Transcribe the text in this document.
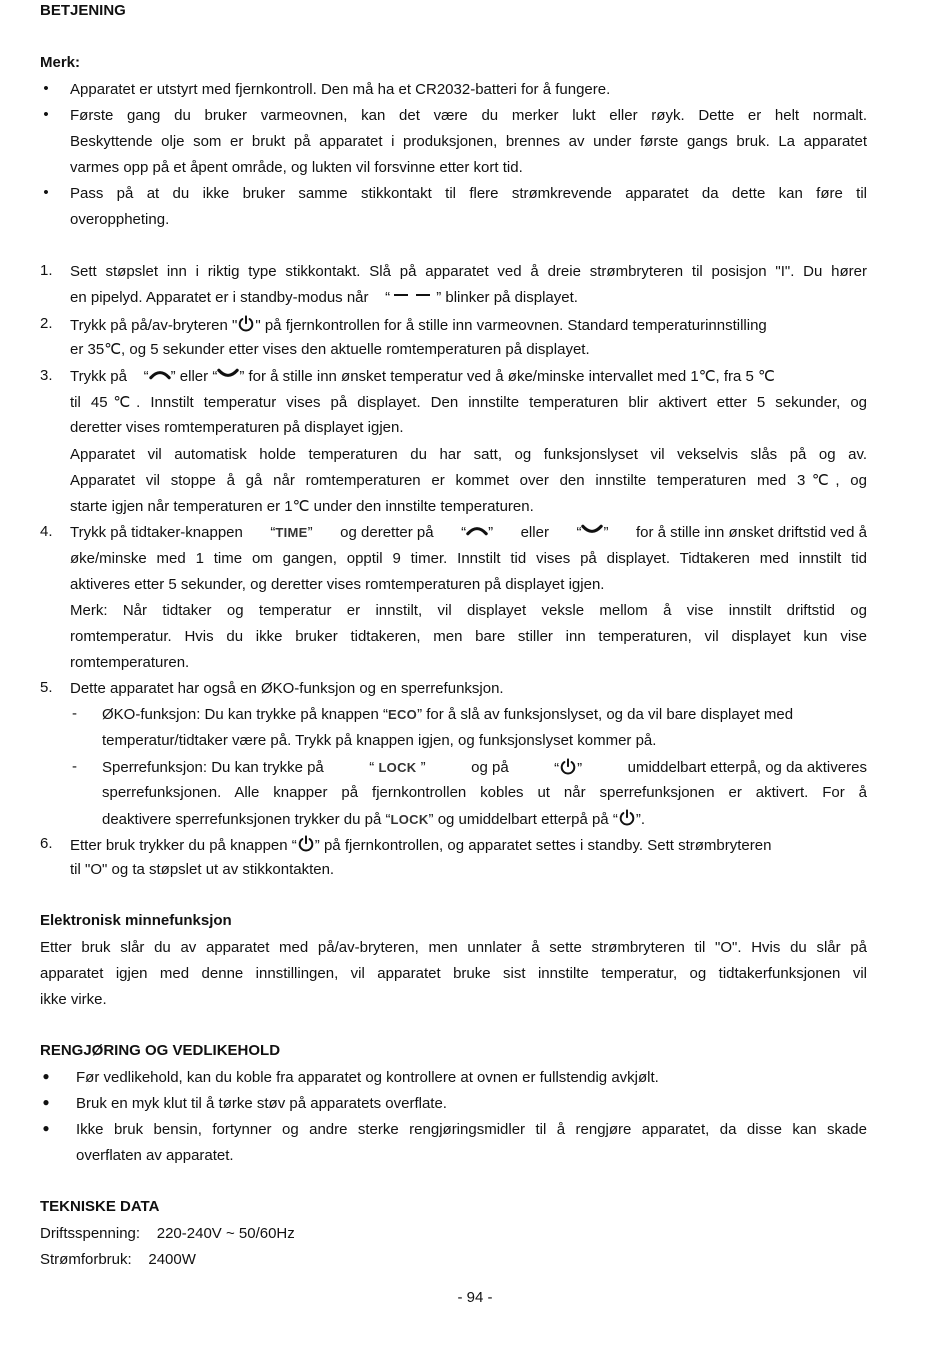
BETJENING
Merk:
• Apparatet er utstyrt med fjernkontroll. Den må ha et CR2032-batteri for å fungere.
• Første gang du bruker varmeovnen, kan det være du merker lukt eller røyk. Dette er helt normalt.
Beskyttende olje som er brukt på apparatet i produksjonen, brennes av under første gangs bruk. La apparatet
varmes opp på et åpent område, og lukten vil forsvinne etter kort tid.
• Pass på at du ikke bruker samme stikkontakt til flere strømkrevende apparatet da dette kan føre til
overoppheting.
1. Sett støpslet inn i riktig type stikkontakt. Slå på apparatet ved å dreie strømbryteren til posisjon "I". Du hører
en pipelyd. Apparatet er i standby-modus når    “	” blinker på displayet.
2. Trykk på på/av-bryteren " " på fjernkontrollen for å stille inn varmeovnen. Standard temperaturinnstilling
er 35℃, og 5 sekunder etter vises den aktuelle romtemperaturen på displayet.
3. Trykk på    “ ” eller “ ” for å stille inn ønsket temperatur ved å øke/minske intervallet med 1℃, fra 5 ℃
til 45℃. Innstilt temperatur vises på displayet. Den innstilte temperaturen blir aktivert etter 5 sekunder, og
deretter vises romtemperaturen på displayet igjen.
Apparatet vil automatisk holde temperaturen du har satt, og funksjonslyset vil vekselvis slås på og av.
Apparatet vil stoppe å gå når romtemperaturen er kommet over den innstilte temperaturen med 3℃, og
starte igjen når temperaturen er 1℃ under den innstilte temperaturen.
4. Trykk på tidtaker-knappen “TIME” og deretter på “ ” eller “ ” for å stille inn ønsket driftstid ved å
øke/minske med 1 time om gangen, opptil 9 timer. Innstilt tid vises på displayet. Tidtakeren med innstilt tid
aktiveres etter 5 sekunder, og deretter vises romtemperaturen på displayet igjen.
Merk: Når tidtaker og temperatur er innstilt, vil displayet veksle mellom å vise innstilt driftstid og
romtemperatur. Hvis du ikke bruker tidtakeren, men bare stiller inn temperaturen, vil displayet kun vise
romtemperaturen.
5. Dette apparatet har også en ØKO-funksjon og en sperrefunksjon.
- ØKO-funksjon: Du kan trykke på knappen “ECO” for å slå av funksjonslyset, og da vil bare displayet med
temperatur/tidtaker være på. Trykk på knappen igjen, og funksjonslyset kommer på.
- Sperrefunksjon: Du kan trykke på	“ LOCK ”	og på	“ ”	umiddelbart etterpå, og da aktiveres
sperrefunksjonen. Alle knapper på fjernkontrollen kobles ut når sperrefunksjonen er aktivert. For å
deaktivere sperrefunksjonen trykker du på “LOCK” og umiddelbart etterpå på “ ”.
6. Etter bruk trykker du på knappen “ ” på fjernkontrollen, og apparatet settes i standby. Sett strømbryteren
til "O" og ta støpslet ut av stikkontakten.
Elektronisk minnefunksjon
Etter bruk slår du av apparatet med på/av-bryteren, men unnlater å sette strømbryteren til "O". Hvis du slår på
apparatet igjen med denne innstillingen, vil apparatet bruke sist innstilte temperatur, og tidtakerfunksjonen vil
ikke virke.
RENGJØRING OG VEDLIKEHOLD
● Før vedlikehold, kan du koble fra apparatet og kontrollere at ovnen er fullstendig avkjølt.
● Bruk en myk klut til å tørke støv på apparatets overflate.
● Ikke bruk bensin, fortynner og andre sterke rengjøringsmidler til å rengjøre apparatet, da disse kan skade
overflaten av apparatet.
TEKNISKE DATA
Driftsspenning: 220-240V ~ 50/60Hz
Strømforbruk: 2400W
- 94 -
